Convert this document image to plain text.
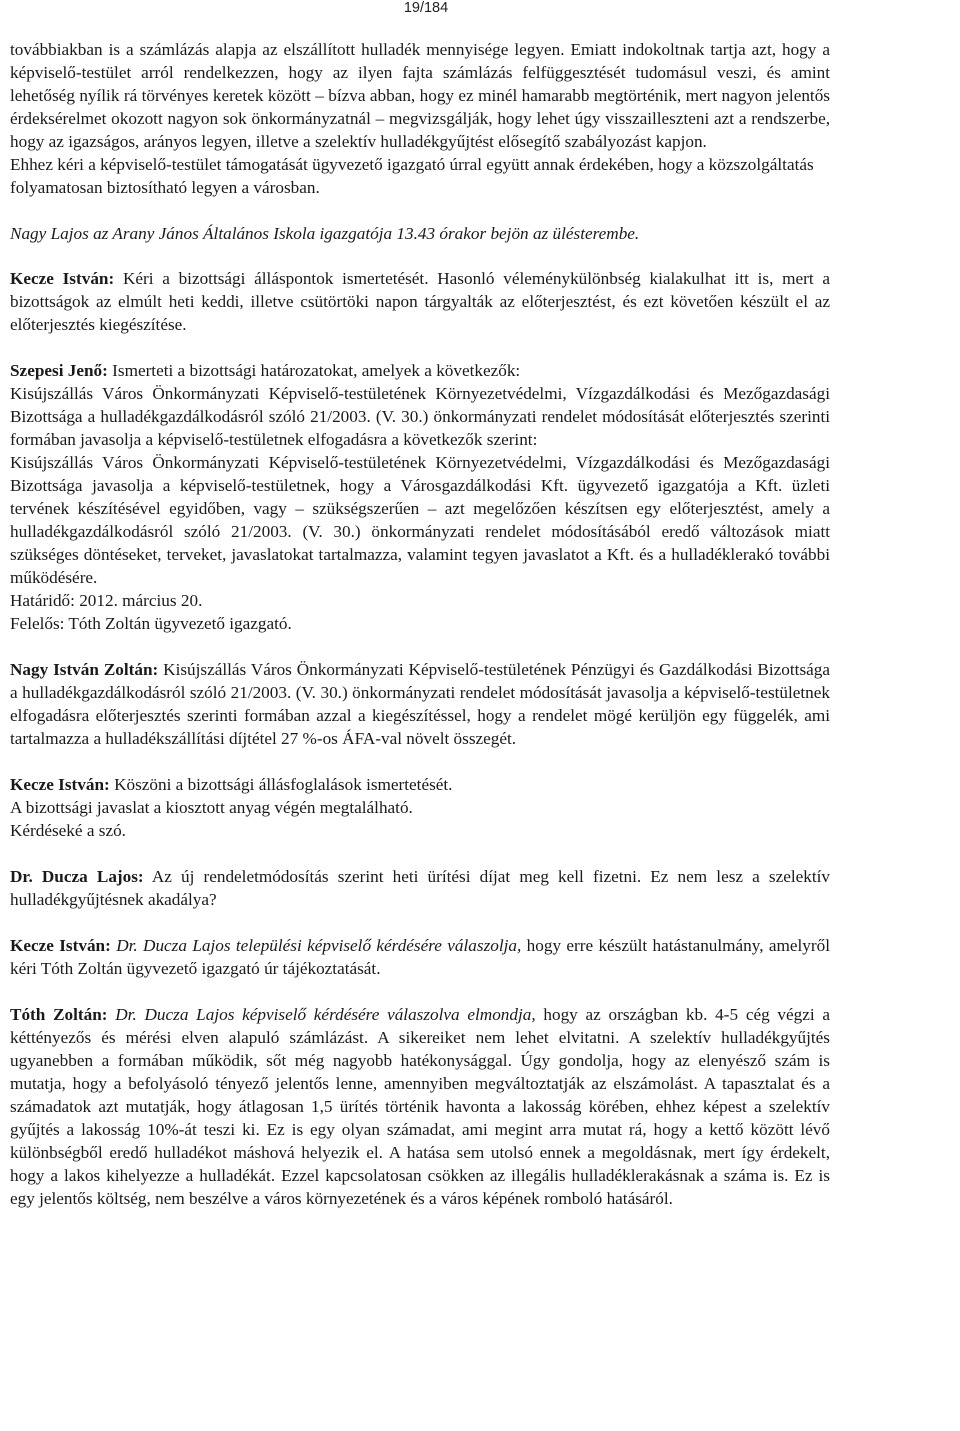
19/184

továbbiakban is a számlázás alapja az elszállított hulladék mennyisége legyen. Emiatt indokoltnak tartja azt, hogy a képviselő-testület arról rendelkezzen, hogy az ilyen fajta számlázás felfüggesztését tudomásul veszi, és amint lehetőség nyílik rá törvényes keretek között – bízva abban, hogy ez minél hamarabb megtörténik, mert nagyon jelentős érdeksérelmet okozott nagyon sok önkormányzatnál – megvizsgálják, hogy lehet úgy visszailleszteni azt a rendszerbe, hogy az igazságos, arányos legyen, illetve a szelektív hulladékgyűjtést elősegítő szabályozást kapjon.

Ehhez kéri a képviselő-testület támogatását ügyvezető igazgató úrral együtt annak érdekében, hogy a közszolgáltatás folyamatosan biztosítható legyen a városban.

Nagy Lajos az Arany János Általános Iskola igazgatója 13.43 órakor bejön az ülésterembe.

Kecze István: Kéri a bizottsági álláspontok ismertetését. Hasonló véleménykülönbség kialakulhat itt is, mert a bizottságok az elmúlt heti keddi, illetve csütörtöki napon tárgyalták az előterjesztést, és ezt követően készült el az előterjesztés kiegészítése.

Szepesi Jenő: Ismerteti a bizottsági határozatokat, amelyek a következők:

Kisújszállás Város Önkormányzati Képviselő-testületének Környezetvédelmi, Vízgazdálkodási és Mezőgazdasági Bizottsága a hulladékgazdálkodásról szóló 21/2003. (V. 30.) önkormányzati rendelet módosítását előterjesztés szerinti formában javasolja a képviselő-testületnek elfogadásra a következők szerint:

Kisújszállás Város Önkormányzati Képviselő-testületének Környezetvédelmi, Vízgazdálkodási és Mezőgazdasági Bizottsága javasolja a képviselő-testületnek, hogy a Városgazdálkodási Kft. ügyvezető igazgatója a Kft. üzleti tervének készítésével egyidőben, vagy – szükségszerűen – azt megelőzően készítsen egy előterjesztést, amely a hulladékgazdálkodásról szóló 21/2003. (V. 30.) önkormányzati rendelet módosításából eredő változások miatt szükséges döntéseket, terveket, javaslatokat tartalmazza, valamint tegyen javaslatot a Kft. és a hulladéklerakó további működésére.

Határidő: 2012. március 20.

Felelős: Tóth Zoltán ügyvezető igazgató.

Nagy István Zoltán: Kisújszállás Város Önkormányzati Képviselő-testületének Pénzügyi és Gazdálkodási Bizottsága a hulladékgazdálkodásról szóló 21/2003. (V. 30.) önkormányzati rendelet módosítását javasolja a képviselő-testületnek elfogadásra előterjesztés szerinti formában azzal a kiegészítéssel, hogy a rendelet mögé kerüljön egy függelék, ami tartalmazza a hulladékszállítási díjtétel 27 %-os ÁFA-val növelt összegét.

Kecze István: Köszöni a bizottsági állásfoglalások ismertetését.

A bizottsági javaslat a kiosztott anyag végén megtalálható.

Kérdéseké a szó.

Dr. Ducza Lajos: Az új rendeletmódosítás szerint heti ürítési díjat meg kell fizetni. Ez nem lesz a szelektív hulladékgyűjtésnek akadálya?

Kecze István: Dr. Ducza Lajos települési képviselő kérdésére válaszolja, hogy erre készült hatástanulmány, amelyről kéri Tóth Zoltán ügyvezető igazgató úr tájékoztatását.

Tóth Zoltán: Dr. Ducza Lajos képviselő kérdésére válaszolva elmondja, hogy az országban kb. 4-5 cég végzi a kéttényezős és mérési elven alapuló számlázást. A sikereiket nem lehet elvitatni. A szelektív hulladékgyűjtés ugyanebben a formában működik, sőt még nagyobb hatékonysággal. Úgy gondolja, hogy az elenyésző szám is mutatja, hogy a befolyásoló tényező jelentős lenne, amennyiben megváltoztatják az elszámolást. A tapasztalat és a számadatok azt mutatják, hogy átlagosan 1,5 ürítés történik havonta a lakosság körében, ehhez képest a szelektív gyűjtés a lakosság 10%-át teszi ki. Ez is egy olyan számadat, ami megint arra mutat rá, hogy a kettő között lévő különbségből eredő hulladékot máshová helyezik el. A hatása sem utolsó ennek a megoldásnak, mert így érdekelt, hogy a lakos kihelyezze a hulladékát. Ezzel kapcsolatosan csökken az illegális hulladéklerakásnak a száma is. Ez is egy jelentős költség, nem beszélve a város környezetének és a város képének romboló hatásáról.
